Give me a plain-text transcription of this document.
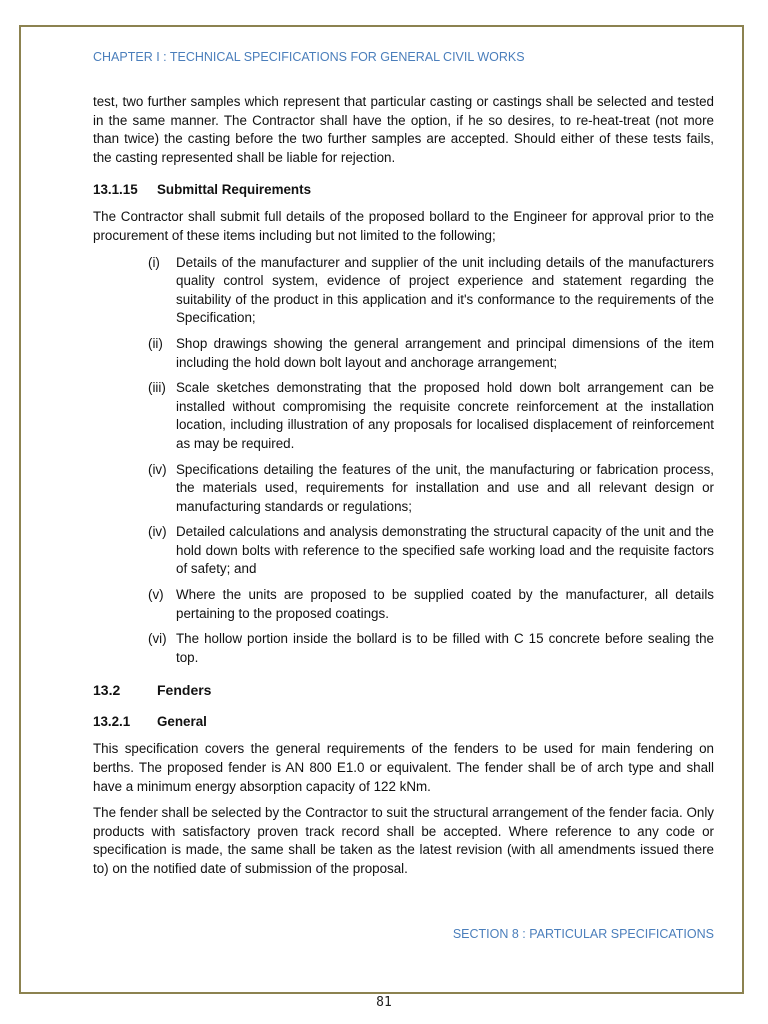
CHAPTER I : TECHNICAL SPECIFICATIONS FOR GENERAL CIVIL WORKS

test, two further samples which represent that particular casting or castings shall be selected and tested in the same manner. The Contractor shall have the option, if he so desires, to re-heat-treat (not more than twice) the casting before the two further samples are accepted. Should either of these tests fails, the casting represented shall be liable for rejection.

13.1.15 Submittal Requirements

The Contractor shall submit full details of the proposed bollard to the Engineer for approval prior to the procurement of these items including but not limited to the following;

(i)	Details of the manufacturer and supplier of the unit including details of the manufacturers quality control system, evidence of project experience and statement regarding the suitability of the product in this application and it's conformance to the requirements of the Specification;
(ii) Shop drawings showing the general arrangement and principal dimensions of the item including the hold down bolt layout and anchorage arrangement;
(iii) Scale sketches demonstrating that the proposed hold down bolt arrangement can be installed without compromising the requisite concrete reinforcement at the installation location, including illustration of any proposals for localised displacement of reinforcement as may be required.
(iv) Specifications detailing the features of the unit, the manufacturing or fabrication process, the materials used, requirements for installation and use and all relevant design or manufacturing standards or regulations;
(iv) Detailed calculations and analysis demonstrating the structural capacity of the unit and the hold down bolts with reference to the specified safe working load and the requisite factors of safety; and
(v) Where the units are proposed to be supplied coated by the manufacturer, all details pertaining to the proposed coatings.
(vi) The hollow portion inside the bollard is to be filled with C 15 concrete before sealing the top.
13.2	Fenders
13.2.1 General

This specification covers the general requirements of the fenders to be used for main fendering on berths. The proposed fender is AN 800 E1.0 or equivalent. The fender shall be of arch type and shall have a minimum energy absorption capacity of 122 kNm.

The fender shall be selected by the Contractor to suit the structural arrangement of the fender facia. Only products with satisfactory proven track record shall be accepted. Where reference to any code or specification is made, the same shall be taken as the latest revision (with all amendments issued there to) on the notified date of submission of the proposal.

SECTION 8 : PARTICULAR SPECIFICATIONS
81
